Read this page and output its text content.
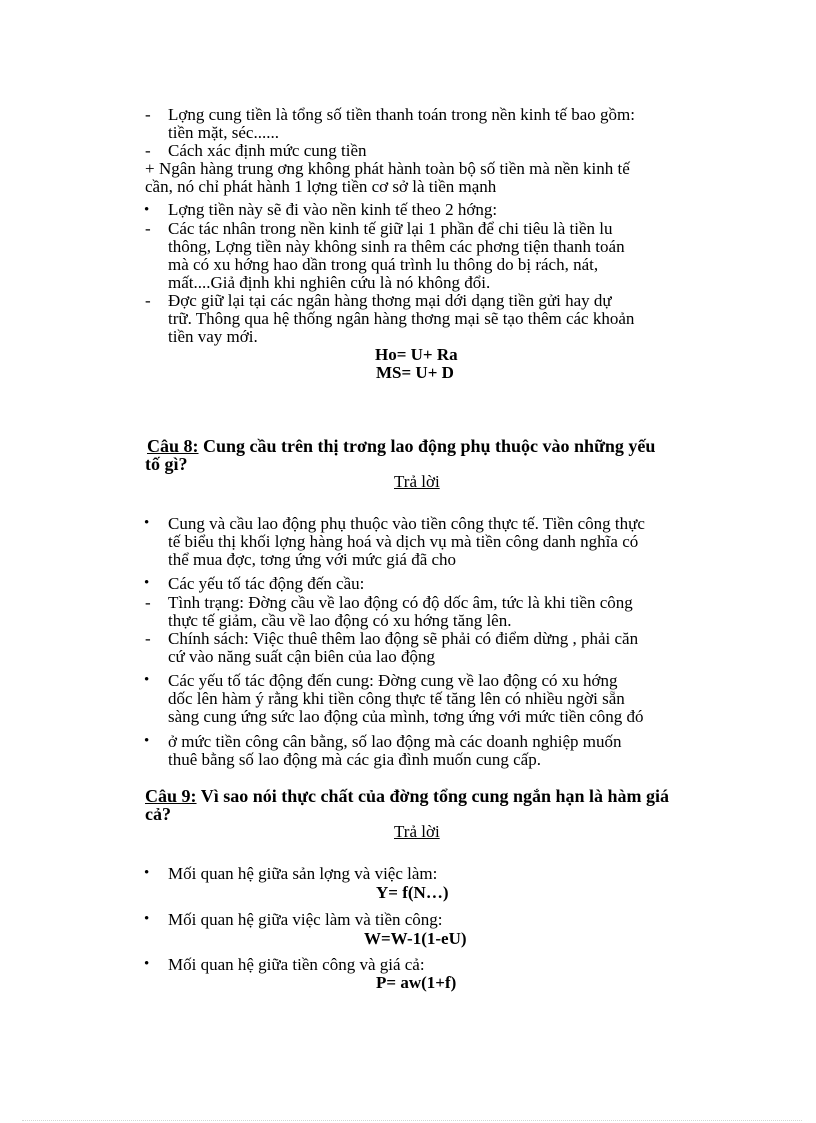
- Lợng cung tiền là tổng số tiền thanh toán trong nền kinh tế bao gồm:
tiền mặt, séc......
- Cách xác định mức cung tiền
+ Ngân hàng trung ơng không phát hành toàn bộ số tiền mà nền kinh tế
cần, nó chỉ phát hành 1 lợng tiền cơ sở là tiền mạnh
• Lợng tiền này sẽ đi vào nền kinh tế theo 2 hớng:
- Các tác nhân trong nền kinh tế giữ lại 1 phần để chi tiêu là tiền lu
thông, Lợng tiền này không sinh ra thêm các phơng tiện thanh toán
mà có xu hớng hao dần trong quá trình lu thông do bị rách, nát,
mất....Giả định khi nghiên cứu là nó không đổi.
- Đợc giữ lại tại các ngân hàng thơng mại dới dạng tiền gửi hay dự
trữ. Thông qua hệ thống ngân hàng thơng mại sẽ tạo thêm các khoản
tiền vay mới.
Ho= U+ Ra
MS= U+ D
Câu 8: Cung cầu trên thị trơng lao động phụ thuộc vào những yếu
tố gì?
Trả lời
• Cung và cầu lao động phụ thuộc vào tiền công thực tế. Tiền công thực
tế biểu thị khối lợng hàng hoá và dịch vụ mà tiền công danh nghĩa có
thể mua đợc, tơng ứng với mức giá đã cho
• Các yếu tố tác động đến cầu:
- Tình trạng: Đờng cầu về lao động có độ dốc âm, tức là khi tiền công
thực tế giảm, cầu về lao động có xu hớng tăng lên.
- Chính sách: Việc thuê thêm lao động sẽ phải có điểm dừng , phải căn
cứ vào năng suất cận biên của lao động
• Các yếu tố tác động đến cung: Đờng cung về lao động có xu hớng
dốc lên hàm ý rằng khi tiền công thực tế tăng lên có nhiều ngời sẵn
sàng cung ứng sức lao động của mình, tơng ứng với mức tiền công đó
• ở mức tiền công cân bằng, số lao động mà các doanh nghiệp muốn
thuê bằng số lao động mà các gia đình muốn cung cấp.
Câu 9: Vì sao nói thực chất của đờng tổng cung ngắn hạn là hàm giá
cả?
Trả lời
• Mối quan hệ giữa sản lợng và việc làm:
Y= f(N…)
• Mối quan hệ giữa việc làm và tiền công:
W=W-1(1-eU)
• Mối quan hệ giữa tiền công và giá cả:
P= aw(1+f)
